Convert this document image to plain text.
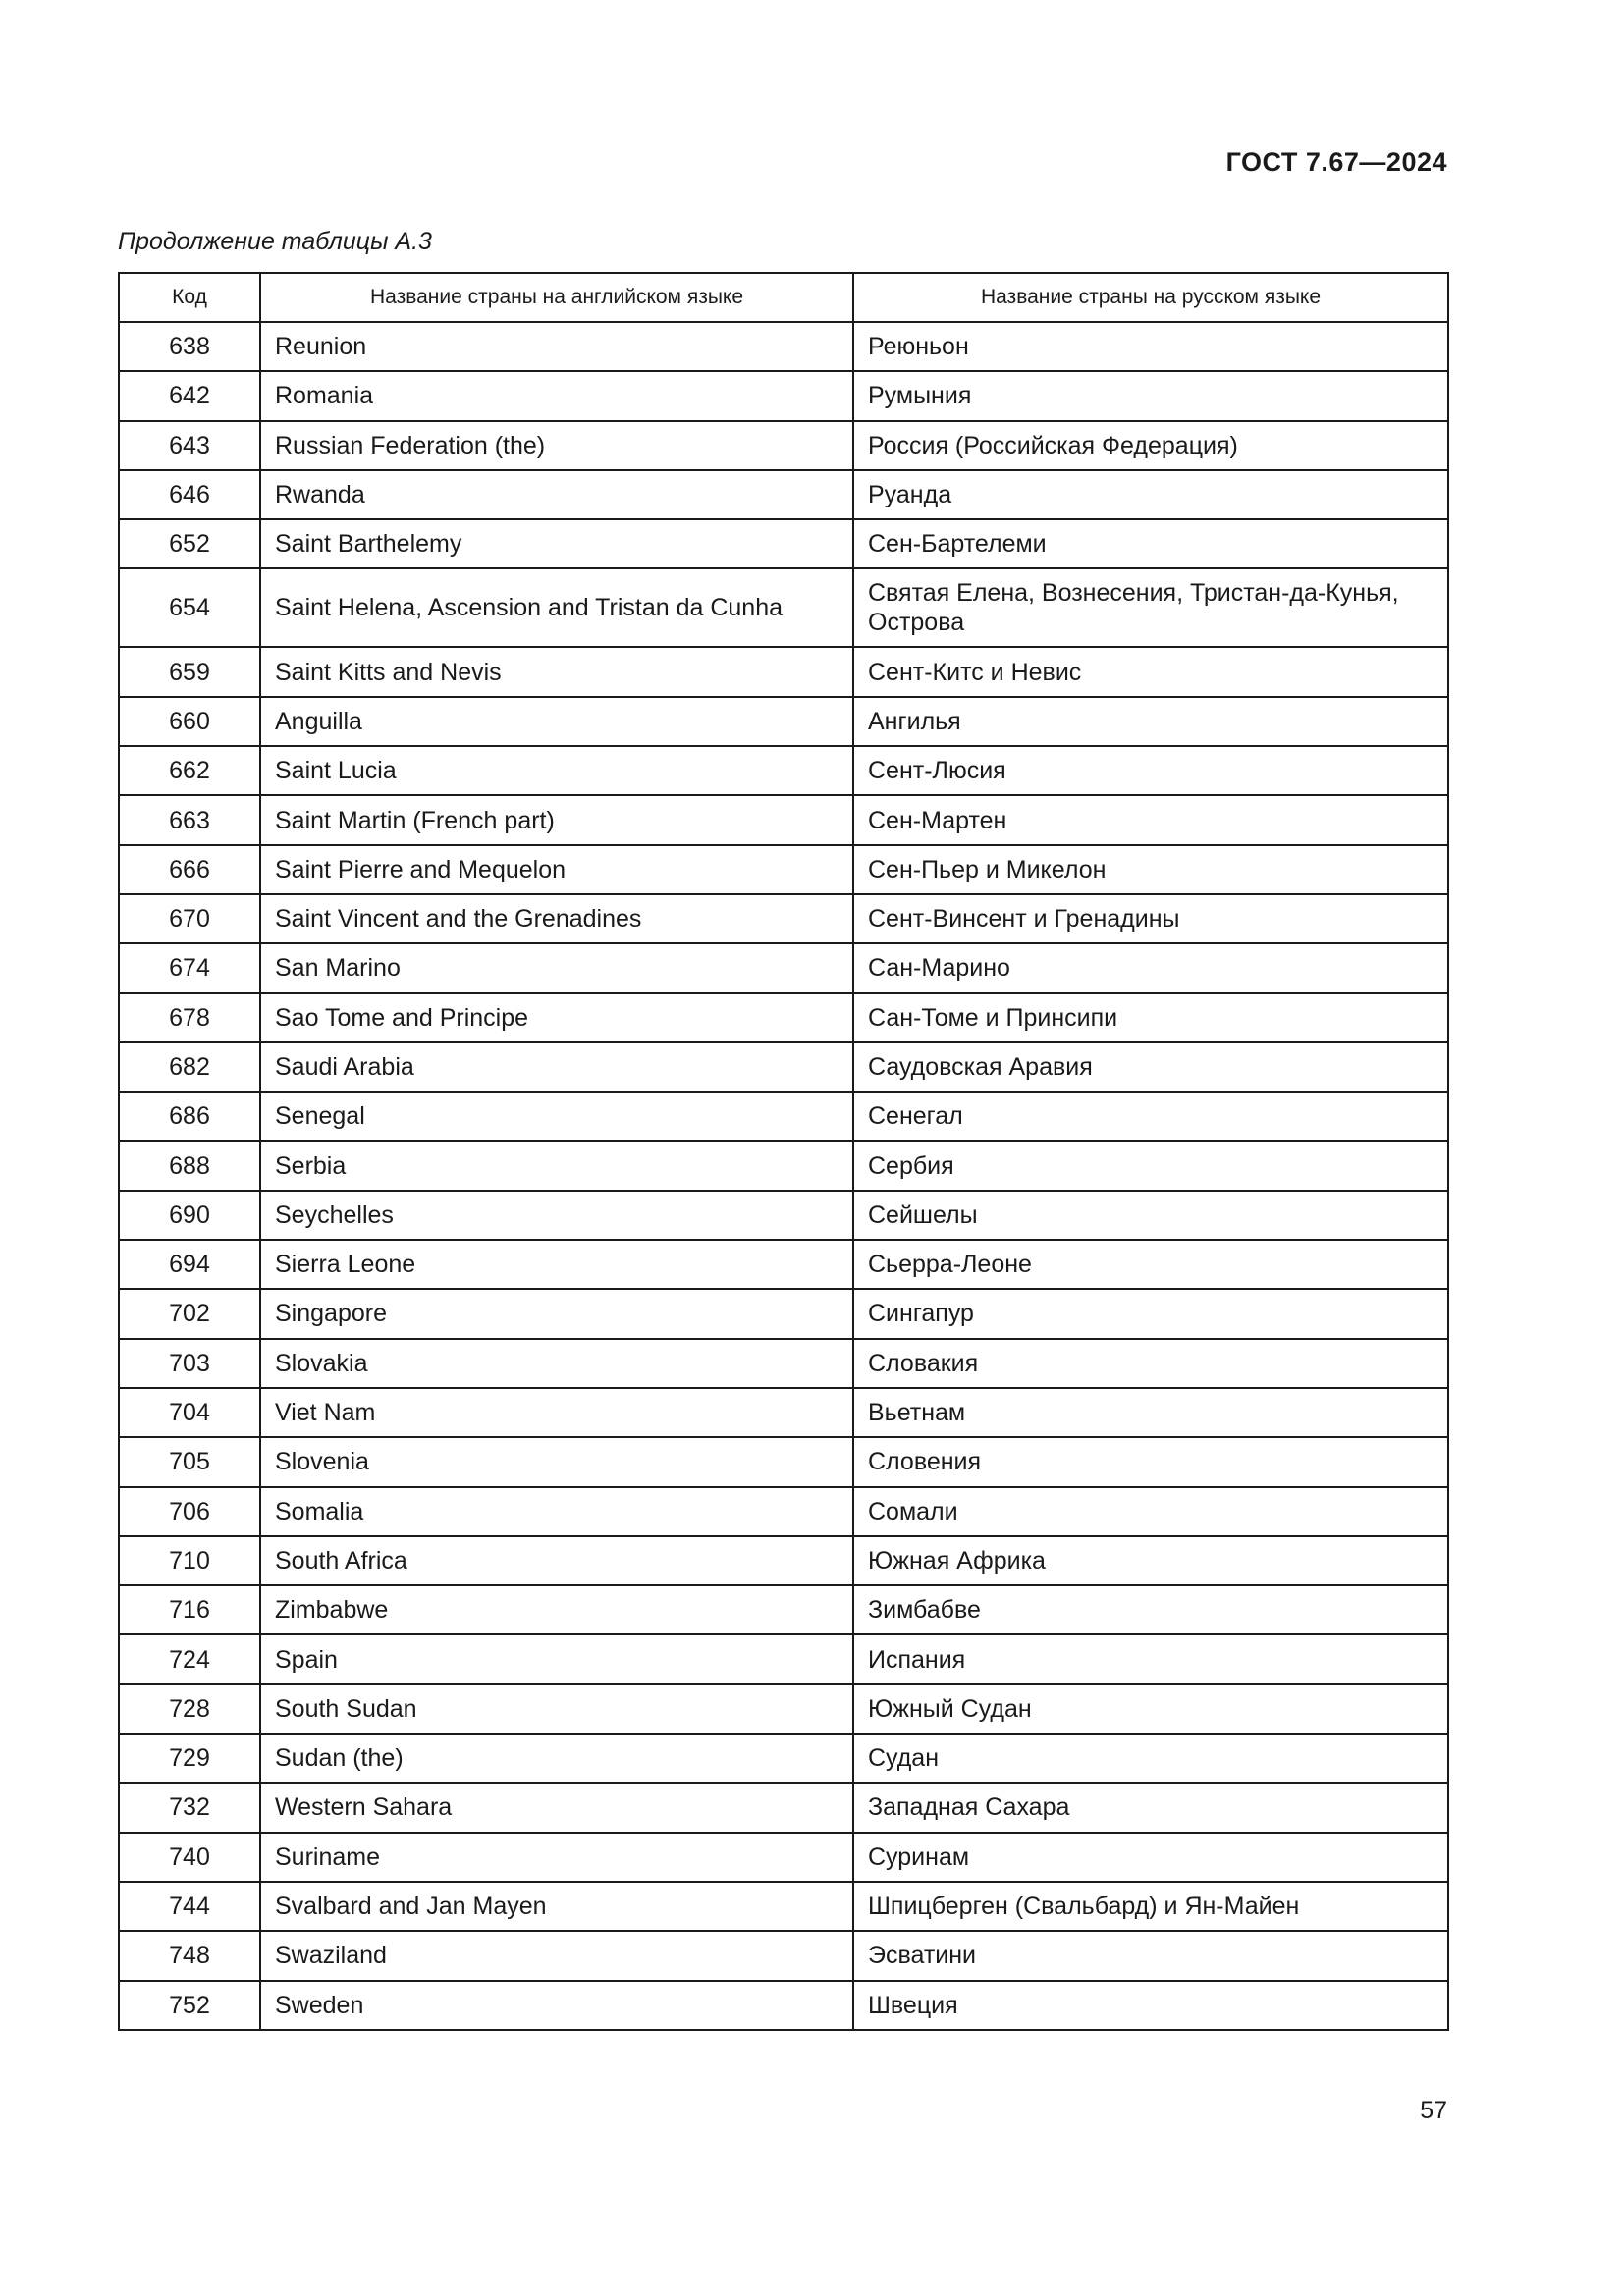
ГОСТ 7.67—2024
Продолжение таблицы А.3
Код	Название страны на английском языке	Название страны на русском языке
638	Reunion	Реюньон
642	Romania	Румыния
643	Russian Federation (the)	Россия (Российская Федерация)
646	Rwanda	Руанда
652	Saint Barthelemy	Сен-Бартелеми
654	Saint Helena, Ascension and Tristan da Cunha	Святая Елена, Вознесения, Тристан-да-Кунья, Острова
659	Saint Kitts and Nevis	Сент-Китс и Невис
660	Anguilla	Ангилья
662	Saint Lucia	Сент-Люсия
663	Saint Martin (French part)	Сен-Мартен
666	Saint Pierre and Mequelon	Сен-Пьер и Микелон
670	Saint Vincent and the Grenadines	Сент-Винсент и Гренадины
674	San Marino	Сан-Марино
678	Sao Tome and Principe	Сан-Томе и Принсипи
682	Saudi Arabia	Саудовская Аравия
686	Senegal	Сенегал
688	Serbia	Сербия
690	Seychelles	Сейшелы
694	Sierra Leone	Сьерра-Леоне
702	Singapore	Сингапур
703	Slovakia	Словакия
704	Viet Nam	Вьетнам
705	Slovenia	Словения
706	Somalia	Сомали
710	South Africa	Южная Африка
716	Zimbabwe	Зимбабве
724	Spain	Испания
728	South Sudan	Южный Судан
729	Sudan (the)	Судан
732	Western Sahara	Западная Сахара
740	Suriname	Суринам
744	Svalbard and Jan Mayen	Шпицберген (Свальбард) и Ян-Майен
748	Swaziland	Эсватини
752	Sweden	Швеция
57
